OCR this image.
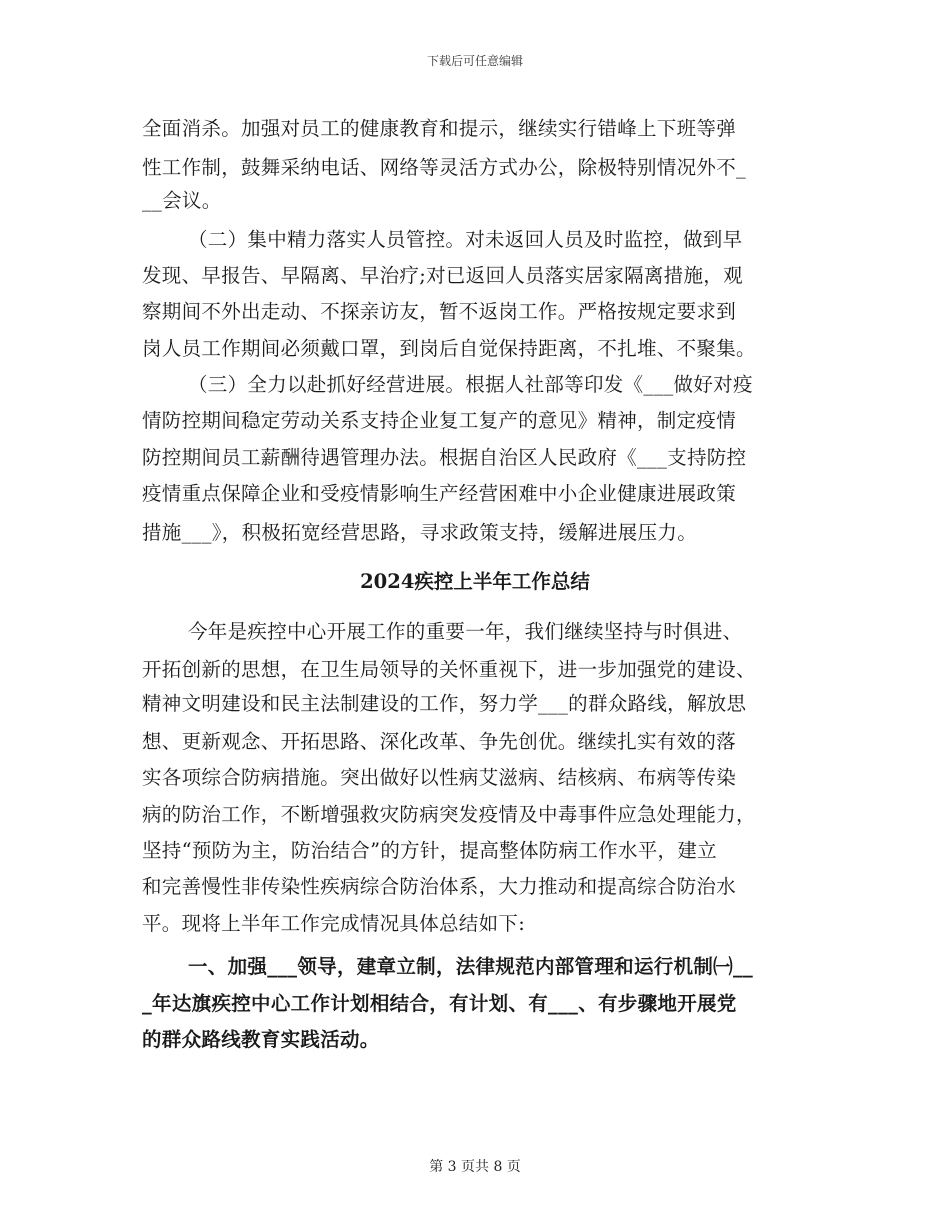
下载后可任意编辑
全面消杀。加强对员工的健康教育和提示，继续实行错峰上下班等弹
性工作制，鼓舞采纳电话、网络等灵活方式办公，除极特别情况外不_
__会议。
（二）集中精力落实人员管控。对未返回人员及时监控，做到早
发现、早报告、早隔离、早治疗;对已返回人员落实居家隔离措施，观
察期间不外出走动、不探亲访友，暂不返岗工作。严格按规定要求到
岗人员工作期间必须戴口罩，到岗后自觉保持距离，不扎堆、不聚集。
（三）全力以赴抓好经营进展。根据人社部等印发《___做好对疫
情防控期间稳定劳动关系支持企业复工复产的意见》精神，制定疫情
防控期间员工薪酬待遇管理办法。根据自治区人民政府《___支持防控
疫情重点保障企业和受疫情影响生产经营困难中小企业健康进展政策
措施___》，积极拓宽经营思路，寻求政策支持，缓解进展压力。
2024疾控上半年工作总结
今年是疾控中心开展工作的重要一年，我们继续坚持与时俱进、
开拓创新的思想，在卫生局领导的关怀重视下，进一步加强党的建设、
精神文明建设和民主法制建设的工作，努力学___的群众路线，解放思
想、更新观念、开拓思路、深化改革、争先创优。继续扎实有效的落
实各项综合防病措施。突出做好以性病艾滋病、结核病、布病等传染
病的防治工作，不断增强救灾防病突发疫情及中毒事件应急处理能力，
坚持“预防为主，防治结合”的方针，提高整体防病工作水平，建立
和完善慢性非传染性疾病综合防治体系，大力推动和提高综合防治水
平。现将上半年工作完成情况具体总结如下:
一、加强___领导，建章立制，法律规范内部管理和运行机制㈠__
_年达旗疾控中心工作计划相结合，有计划、有___、有步骤地开展党
的群众路线教育实践活动。
第 3 页共 8 页
